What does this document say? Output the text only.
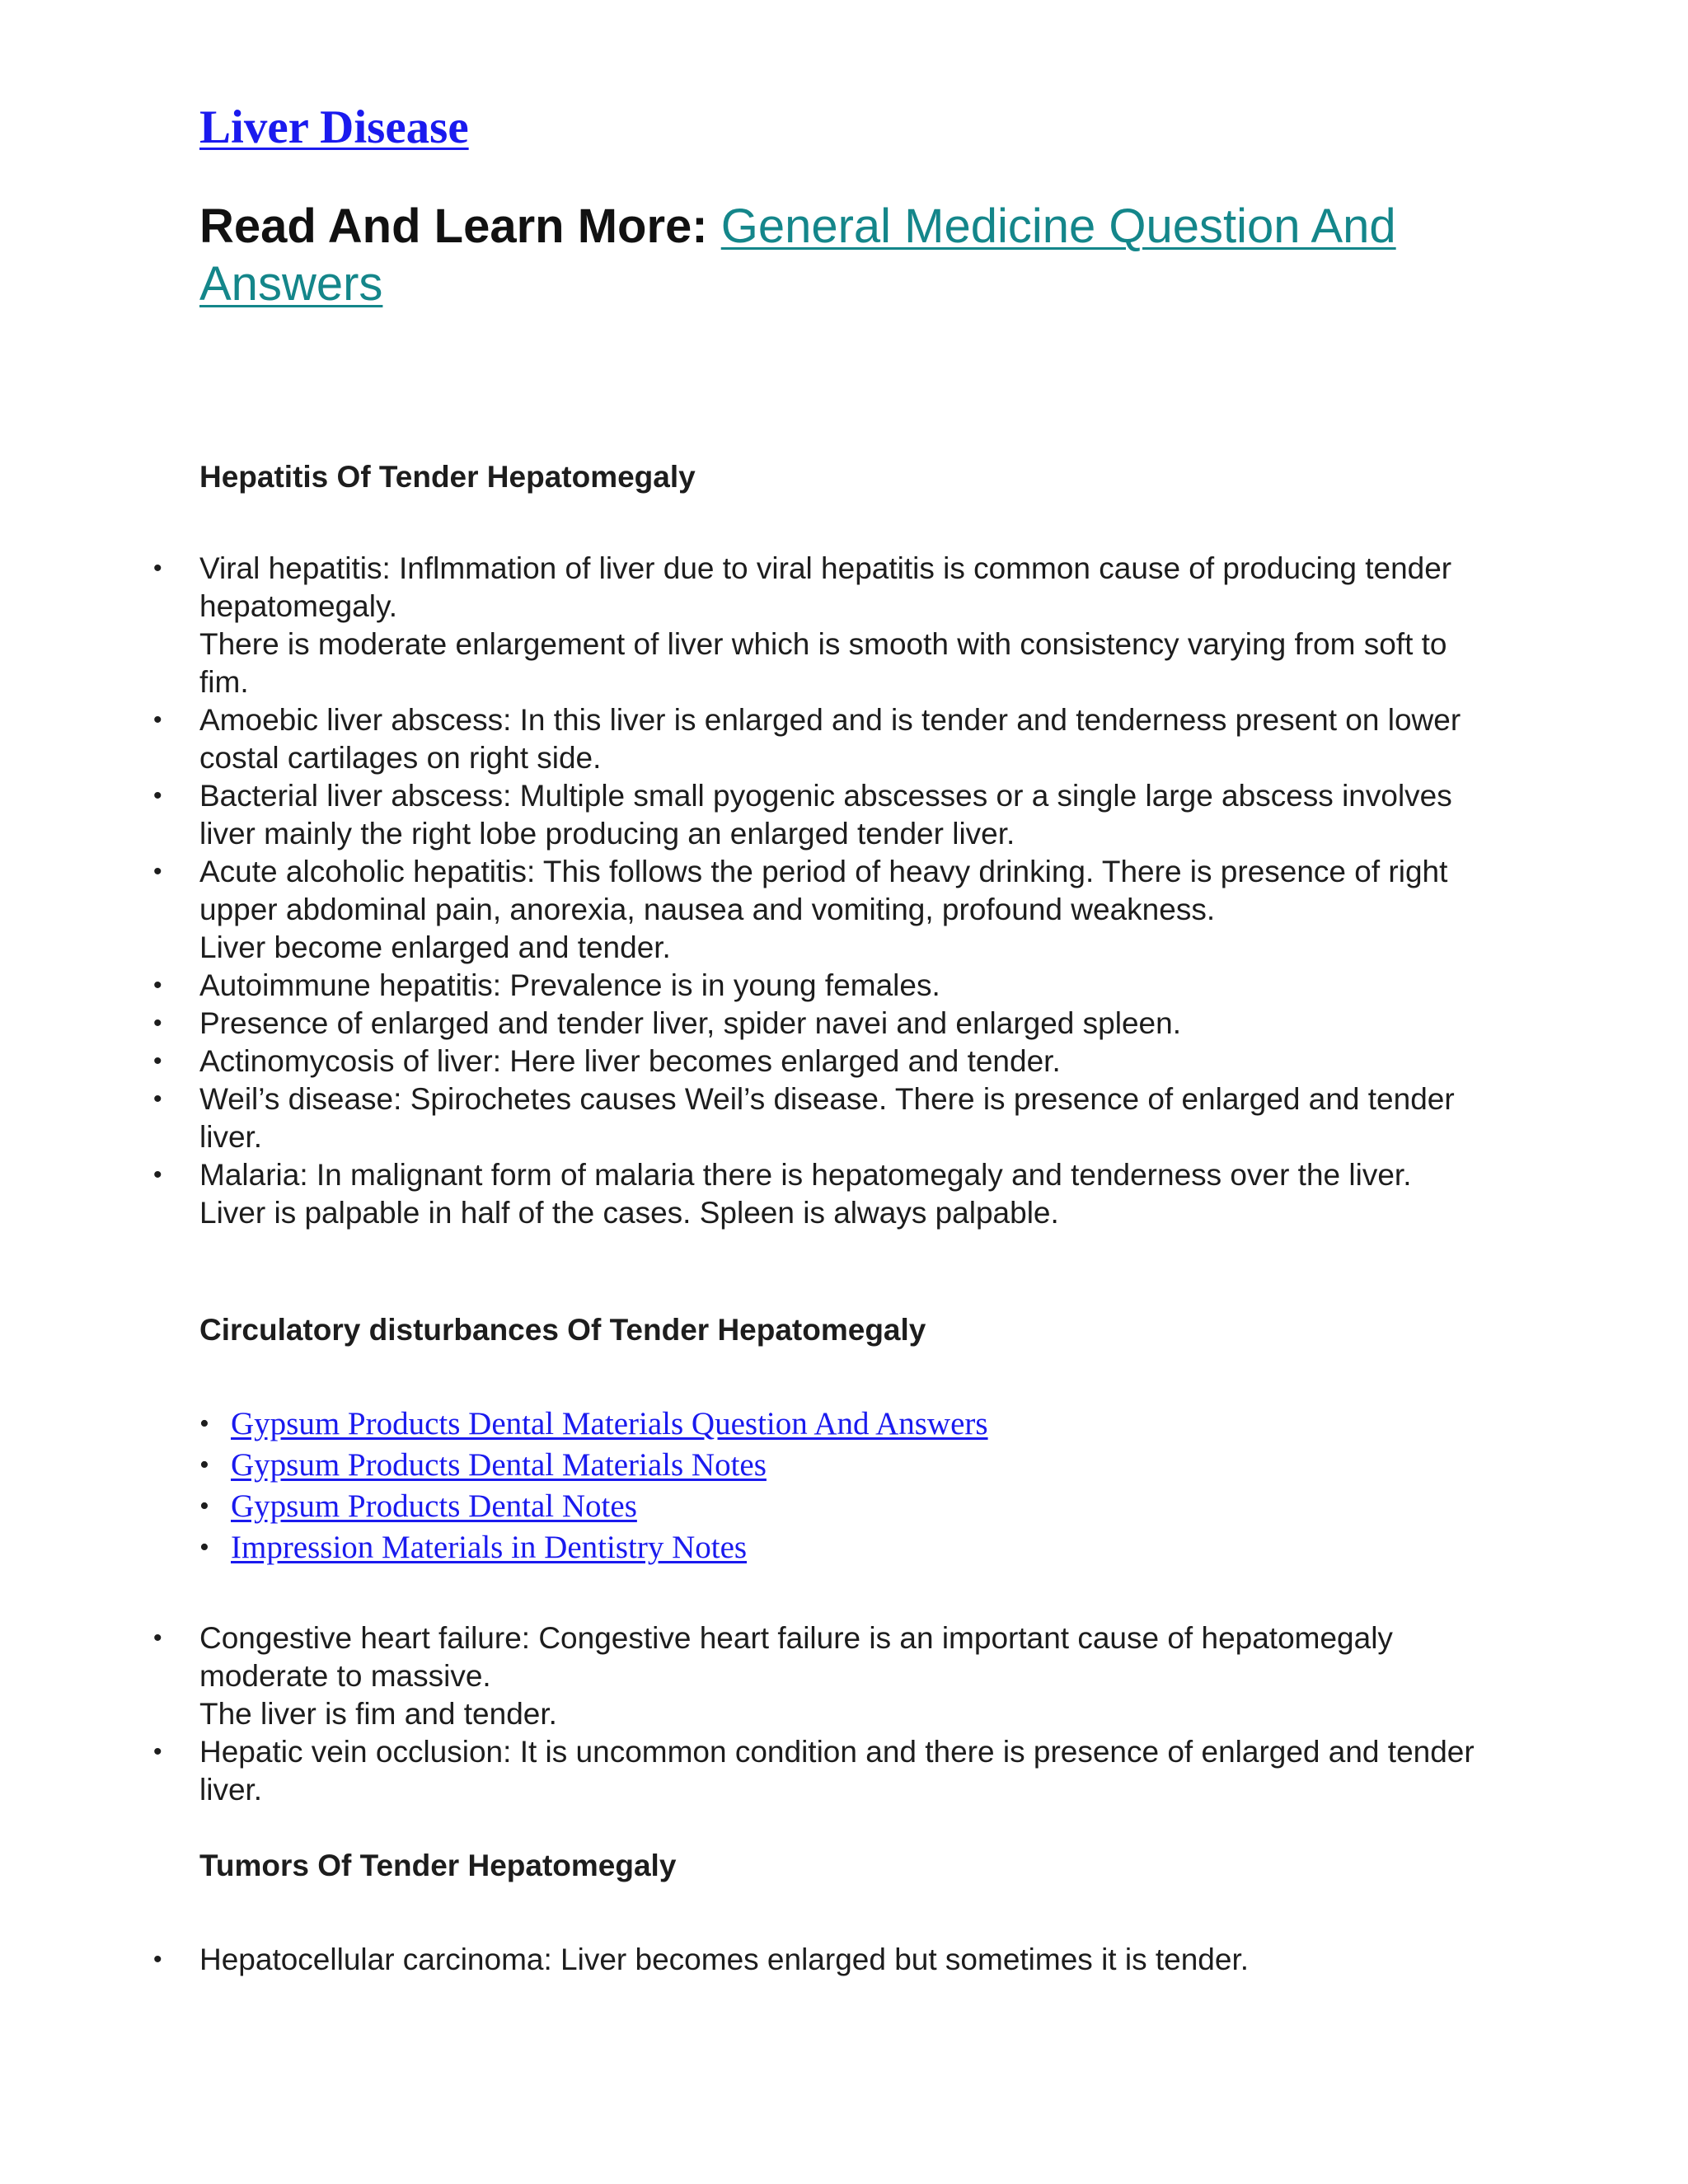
Liver Disease
Read And Learn More: General Medicine Question And Answers
Hepatitis Of Tender Hepatomegaly
• Viral hepatitis: Inflmmation of liver due to viral hepatitis is common cause of producing tender hepatomegaly.
There is moderate enlargement of liver which is smooth with consistency varying from soft to fim.
• Amoebic liver abscess: In this liver is enlarged and is tender and tenderness present on lower costal cartilages on right side.
• Bacterial liver abscess: Multiple small pyogenic abscesses or a single large abscess involves liver mainly the right lobe producing an enlarged tender liver.
• Acute alcoholic hepatitis: This follows the period of heavy drinking. There is presence of right upper abdominal pain, anorexia, nausea and vomiting, profound weakness.
Liver become enlarged and tender.
• Autoimmune hepatitis: Prevalence is in young females.
• Presence of enlarged and tender liver, spider navei and enlarged spleen.
• Actinomycosis of liver: Here liver becomes enlarged and tender.
• Weil’s disease: Spirochetes causes Weil’s disease. There is presence of enlarged and tender liver.
• Malaria: In malignant form of malaria there is hepatomegaly and tenderness over the liver.
Liver is palpable in half of the cases. Spleen is always palpable.
Circulatory disturbances Of Tender Hepatomegaly
• Gypsum Products Dental Materials Question And Answers
• Gypsum Products Dental Materials Notes
• Gypsum Products Dental Notes
• Impression Materials in Dentistry Notes
• Congestive heart failure: Congestive heart failure is an important cause of hepatomegaly moderate to massive.
The liver is fim and tender.
• Hepatic vein occlusion: It is uncommon condition and there is presence of enlarged and tender liver.
Tumors Of Tender Hepatomegaly
• Hepatocellular carcinoma: Liver becomes enlarged but sometimes it is tender.
